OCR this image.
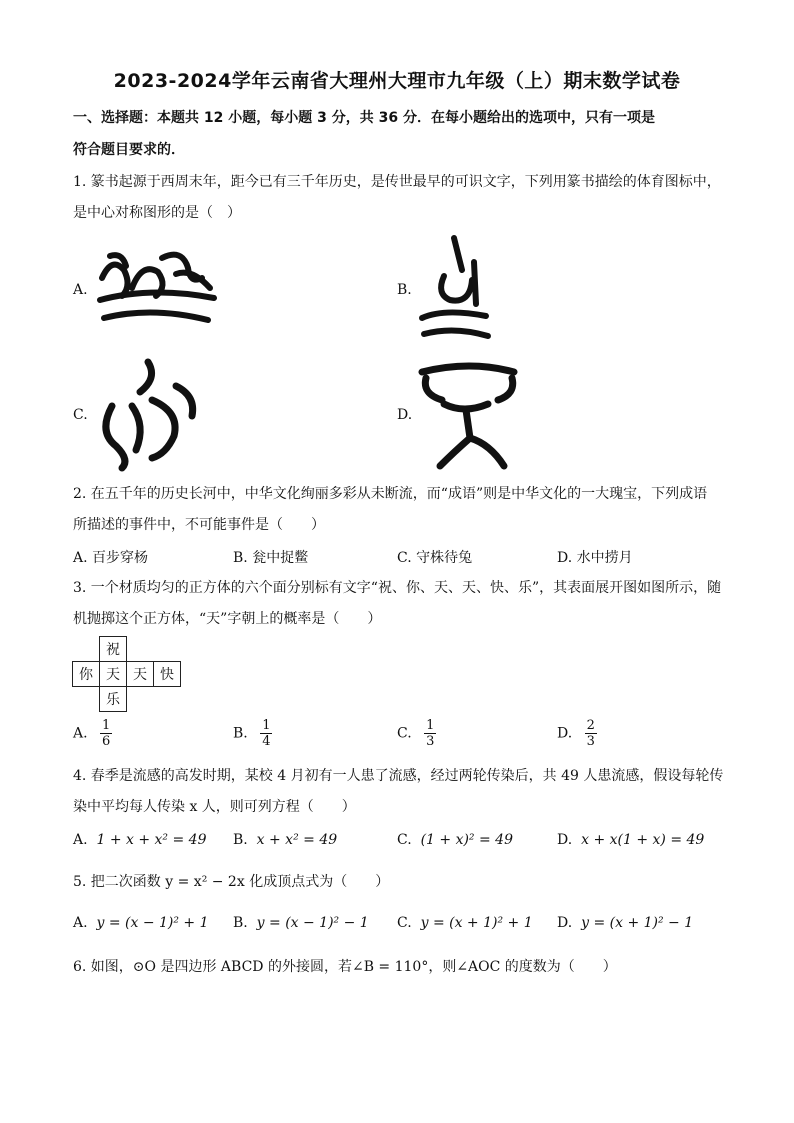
2023-2024学年云南省大理州大理市九年级（上）期末数学试卷
一、选择题：本题共 12 小题，每小题 3 分，共 36 分．在每小题给出的选项中，只有一项是
符合题目要求的．
1. 篆书起源于西周末年，距今已有三千年历史，是传世最早的可识文字，下列用篆书描绘的体育图标中，
是中心对称图形的是（　）
A.	B.
C.	D.
2. 在五千年的历史长河中，中华文化绚丽多彩从未断流，而“成语”则是中华文化的一大瑰宝，下列成语
所描述的事件中，不可能事件是（　　）
A. 百步穿杨	B. 瓮中捉鳖	C. 守株待兔	D. 水中捞月
3. 一个材质均匀的正方体的六个面分别标有文字“祝、你、天、天、快、乐”，其表面展开图如图所示，随
机抛掷这个正方体，“天”字朝上的概率是（　　）
	祝		
你	天	天	快
	乐		
A. $\frac{1}{6}$	B. $\frac{1}{4}$	C. $\frac{1}{3}$	D. $\frac{2}{3}$
4. 春季是流感的高发时期，某校 4 月初有一人患了流感，经过两轮传染后，共 49 人患流感，假设每轮传
染中平均每人传染 x 人，则可列方程（　　）
A. 1 + x + x² = 49 B. x + x² = 49	C. (1 + x)² = 49	D. x + x(1 + x) = 49
5. 把二次函数 y = x² − 2x 化成顶点式为（　　）
A. y = (x − 1)² + 1 B. y = (x − 1)² − 1 C. y = (x + 1)² + 1 D. y = (x + 1)² − 1
6. 如图，⊙O 是四边形 ABCD 的外接圆，若∠B = 110°，则∠AOC 的度数为（　　）
